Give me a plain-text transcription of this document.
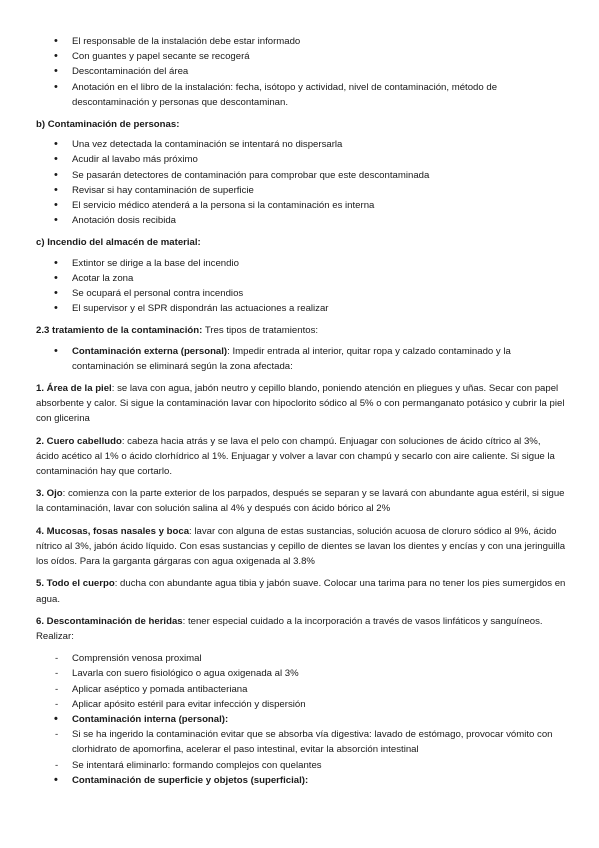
• El responsable de la instalación debe estar informado
• Con guantes y papel secante se recogerá
• Descontaminación del área
• Anotación en el libro de la instalación: fecha, isótopo y actividad, nivel de contaminación, método de descontaminación y personas que descontaminan.

b) Contaminación de personas:

• Una vez detectada la contaminación se intentará no dispersarla
• Acudir al lavabo más próximo
• Se pasarán detectores de contaminación para comprobar que este descontaminada
• Revisar si hay contaminación de superficie
• El servicio médico atenderá a la persona si la contaminación es interna
• Anotación dosis recibida

c) Incendio del almacén de material:

• Extintor se dirige a la base del incendio
• Acotar la zona
• Se ocupará el personal contra incendios
• El supervisor y el SPR dispondrán las actuaciones a realizar

2.3 tratamiento de la contaminación: Tres tipos de tratamientos:

• Contaminación externa (personal): Impedir entrada al interior, quitar ropa y calzado contaminado y la contaminación se eliminará según la zona afectada:

1. Área de la piel: se lava con agua, jabón neutro y cepillo blando, poniendo atención en pliegues y uñas. Secar con papel absorbente y calor. Si sigue la contaminación lavar con hipoclorito sódico al 5% o con permanganato potásico y cubrir la piel con glicerina

2. Cuero cabelludo: cabeza hacia atrás y se lava el pelo con champú. Enjuagar con soluciones de ácido cítrico al 3%, ácido acético al 1% o ácido clorhídrico al 1%. Enjuagar y volver a lavar con champú y secarlo con aire caliente. Si sigue la contaminación hay que cortarlo.

3. Ojo: comienza con la parte exterior de los parpados, después se separan y se lavará con abundante agua estéril, si sigue la contaminación, lavar con solución salina al 4% y después con ácido bórico al 2%

4. Mucosas, fosas nasales y boca: lavar con alguna de estas sustancias, solución acuosa de cloruro sódico al 9%, ácido nítrico al 3%, jabón ácido líquido. Con esas sustancias y cepillo de dientes se lavan los dientes y encías y con una jeringuilla los oídos. Para la garganta gárgaras con agua oxigenada al 3.8%

5. Todo el cuerpo: ducha con abundante agua tibia y jabón suave. Colocar una tarima para no tener los pies sumergidos en agua.

6. Descontaminación de heridas: tener especial cuidado a la incorporación a través de vasos linfáticos y sanguíneos. Realizar:

- Comprensión venosa proximal
- Lavarla con suero fisiológico o agua oxigenada al 3%
- Aplicar aséptico y pomada antibacteriana
- Aplicar apósito estéril para evitar infección y dispersión
• Contaminación interna (personal):
- Si se ha ingerido la contaminación evitar que se absorba vía digestiva: lavado de estómago, provocar vómito con clorhidrato de apomorfina, acelerar el paso intestinal, evitar la absorción intestinal
- Se intentará eliminarlo: formando complejos con quelantes
• Contaminación de superficie y objetos (superficial):
